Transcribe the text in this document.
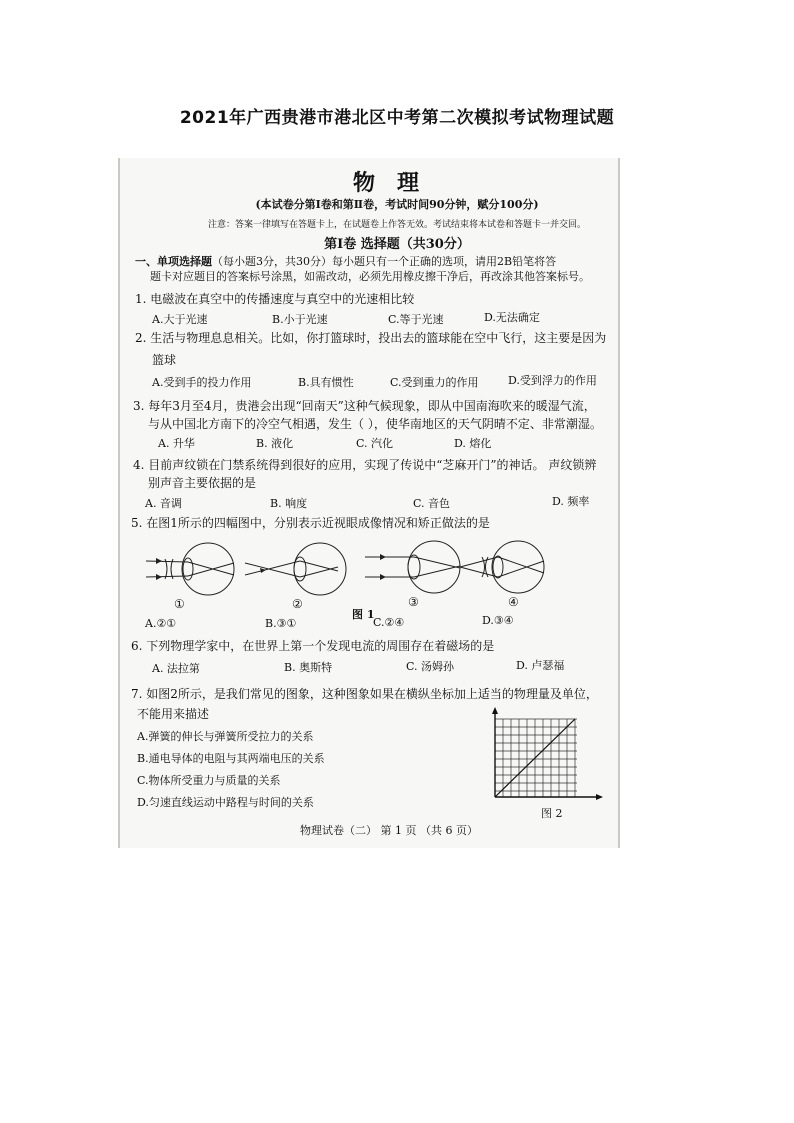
2021年广西贵港市港北区中考第二次模拟考试物理试题
物理
(本试卷分第Ⅰ卷和第Ⅱ卷，考试时间90分钟，赋分100分)
注意：答案一律填写在答题卡上，在试题卷上作答无效。考试结束将本试卷和答题卡一并交回。
第Ⅰ卷 选择题（共30分）
一、单项选择题（每小题3分，共30分）每小题只有一个正确的选项，请用2B铅笔将答
题卡对应题目的答案标号涂黑，如需改动，必须先用橡皮擦干净后，再改涂其他答案标号。
1. 电磁波在真空中的传播速度与真空中的光速相比较
A.大于光速	B.小于光速	C.等于光速	D.无法确定
2. 生活与物理息息相关。比如，你打篮球时，投出去的篮球能在空中飞行，这主要是因为
篮球
A.受到手的投力作用	B.具有惯性	C.受到重力的作用	D.受到浮力的作用
3. 每年3月至4月，贵港会出现“回南天”这种气候现象，即从中国南海吹来的暖湿气流，
与从中国北方南下的冷空气相遇，发生（ ），使华南地区的天气阴晴不定、非常潮湿。
A. 升华	B. 液化	C. 汽化	D. 熔化
4. 目前声纹锁在门禁系统得到很好的应用，实现了传说中“芝麻开门”的神话。 声纹锁辨
别声音主要依据的是
A. 音调	B. 响度	C. 音色	D. 频率
5. 在图1所示的四幅图中，分别表示近视眼成像情况和矫正做法的是
①	②	③	④
A.②①	B.③①
图 1
C.②④	D.③④
6. 下列物理学家中，在世界上第一个发现电流的周围存在着磁场的是
A. 法拉第	B. 奥斯特	C. 汤姆孙	D. 卢瑟福
7. 如图2所示，是我们常见的图象，这种图象如果在横纵坐标加上适当的物理量及单位，
不能用来描述
A.弹簧的伸长与弹簧所受拉力的关系
B.通电导体的电阻与其两端电压的关系
C.物体所受重力与质量的关系
D.匀速直线运动中路程与时间的关系
图 2
物理试卷（二） 第 1 页 （共 6 页）
